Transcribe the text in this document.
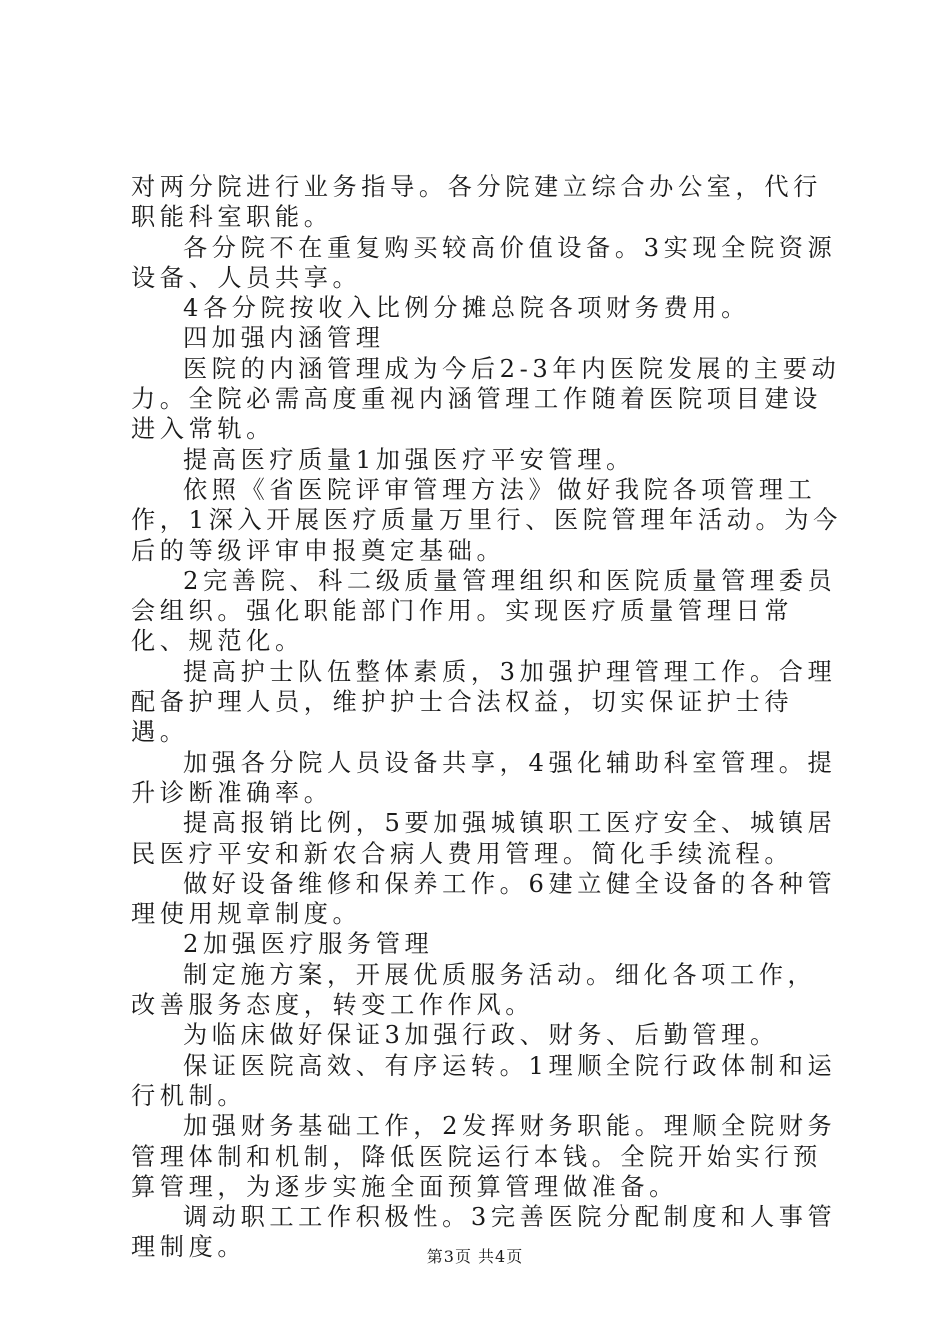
对两分院进行业务指导。各分院建立综合办公室，代行职能科室职能。

各分院不在重复购买较高价值设备。3实现全院资源设备、人员共享。

4各分院按收入比例分摊总院各项财务费用。

四加强内涵管理

医院的内涵管理成为今后2-3年内医院发展的主要动力。全院必需高度重视内涵管理工作随着医院项目建设进入常轨。

提高医疗质量1加强医疗平安管理。

依照《省医院评审管理方法》做好我院各项管理工作，1深入开展医疗质量万里行、医院管理年活动。为今后的等级评审申报奠定基础。

2完善院、科二级质量管理组织和医院质量管理委员会组织。强化职能部门作用。实现医疗质量管理日常化、规范化。

提高护士队伍整体素质，3加强护理管理工作。合理配备护理人员，维护护士合法权益，切实保证护士待遇。

加强各分院人员设备共享，4强化辅助科室管理。提升诊断准确率。

提高报销比例，5要加强城镇职工医疗安全、城镇居民医疗平安和新农合病人费用管理。简化手续流程。

做好设备维修和保养工作。6建立健全设备的各种管理使用规章制度。

2加强医疗服务管理

制定施方案，开展优质服务活动。细化各项工作，改善服务态度，转变工作作风。

为临床做好保证3加强行政、财务、后勤管理。

保证医院高效、有序运转。1理顺全院行政体制和运行机制。

加强财务基础工作，2发挥财务职能。理顺全院财务管理体制和机制，降低医院运行本钱。全院开始实行预算管理，为逐步实施全面预算管理做准备。

调动职工工作积极性。3完善医院分配制度和人事管理制度。	第3页 共4页
